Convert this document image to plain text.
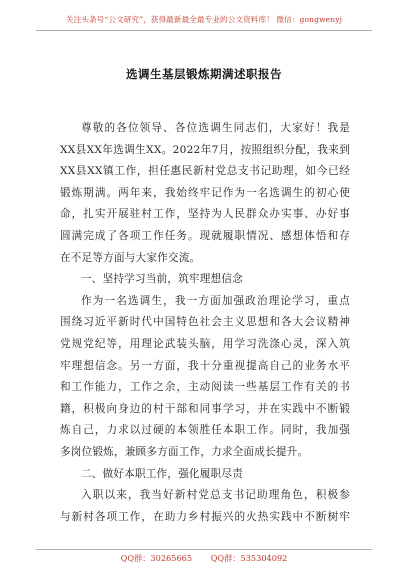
关注头条号“公文研究”，获得最新最全最专业的公文资料库！ 微信：gongwenyj
选调生基层锻炼期满述职报告
尊敬的各位领导、各位选调生同志们，大家好！我是
XX县XX年选调生XX。2022年7月，按照组织分配，我来到
XX县XX镇工作，担任惠民新村党总支书记助理，如今已经
锻炼期满。两年来，我始终牢记作为一名选调生的初心使
命，扎实开展驻村工作，坚持为人民群众办实事、办好事
圆满完成了各项工作任务。现就履职情况、感想体悟和存
在不足等方面与大家作交流。
一、坚持学习当前，筑牢理想信念
作为一名选调生，我一方面加强政治理论学习，重点
围绕习近平新时代中国特色社会主义思想和各大会议精神
党规党纪等，用理论武装头脑，用学习洗涤心灵，深入筑
牢理想信念。另一方面，我十分重视提高自己的业务水平
和工作能力，工作之余，主动阅读一些基层工作有关的书
籍，积极向身边的村干部和同事学习，并在实践中不断锻
炼自己，力求以过硬的本领胜任本职工作。同时，我加强
多岗位锻炼，兼顾多方面工作，力求全面成长提升。
二、做好本职工作，强化履职尽责
入职以来，我当好新村党总支书记助理角色，积极参
与新村各项工作，在助力乡村振兴的火热实践中不断树牢
QQ群：30265665 QQ群：535304092
